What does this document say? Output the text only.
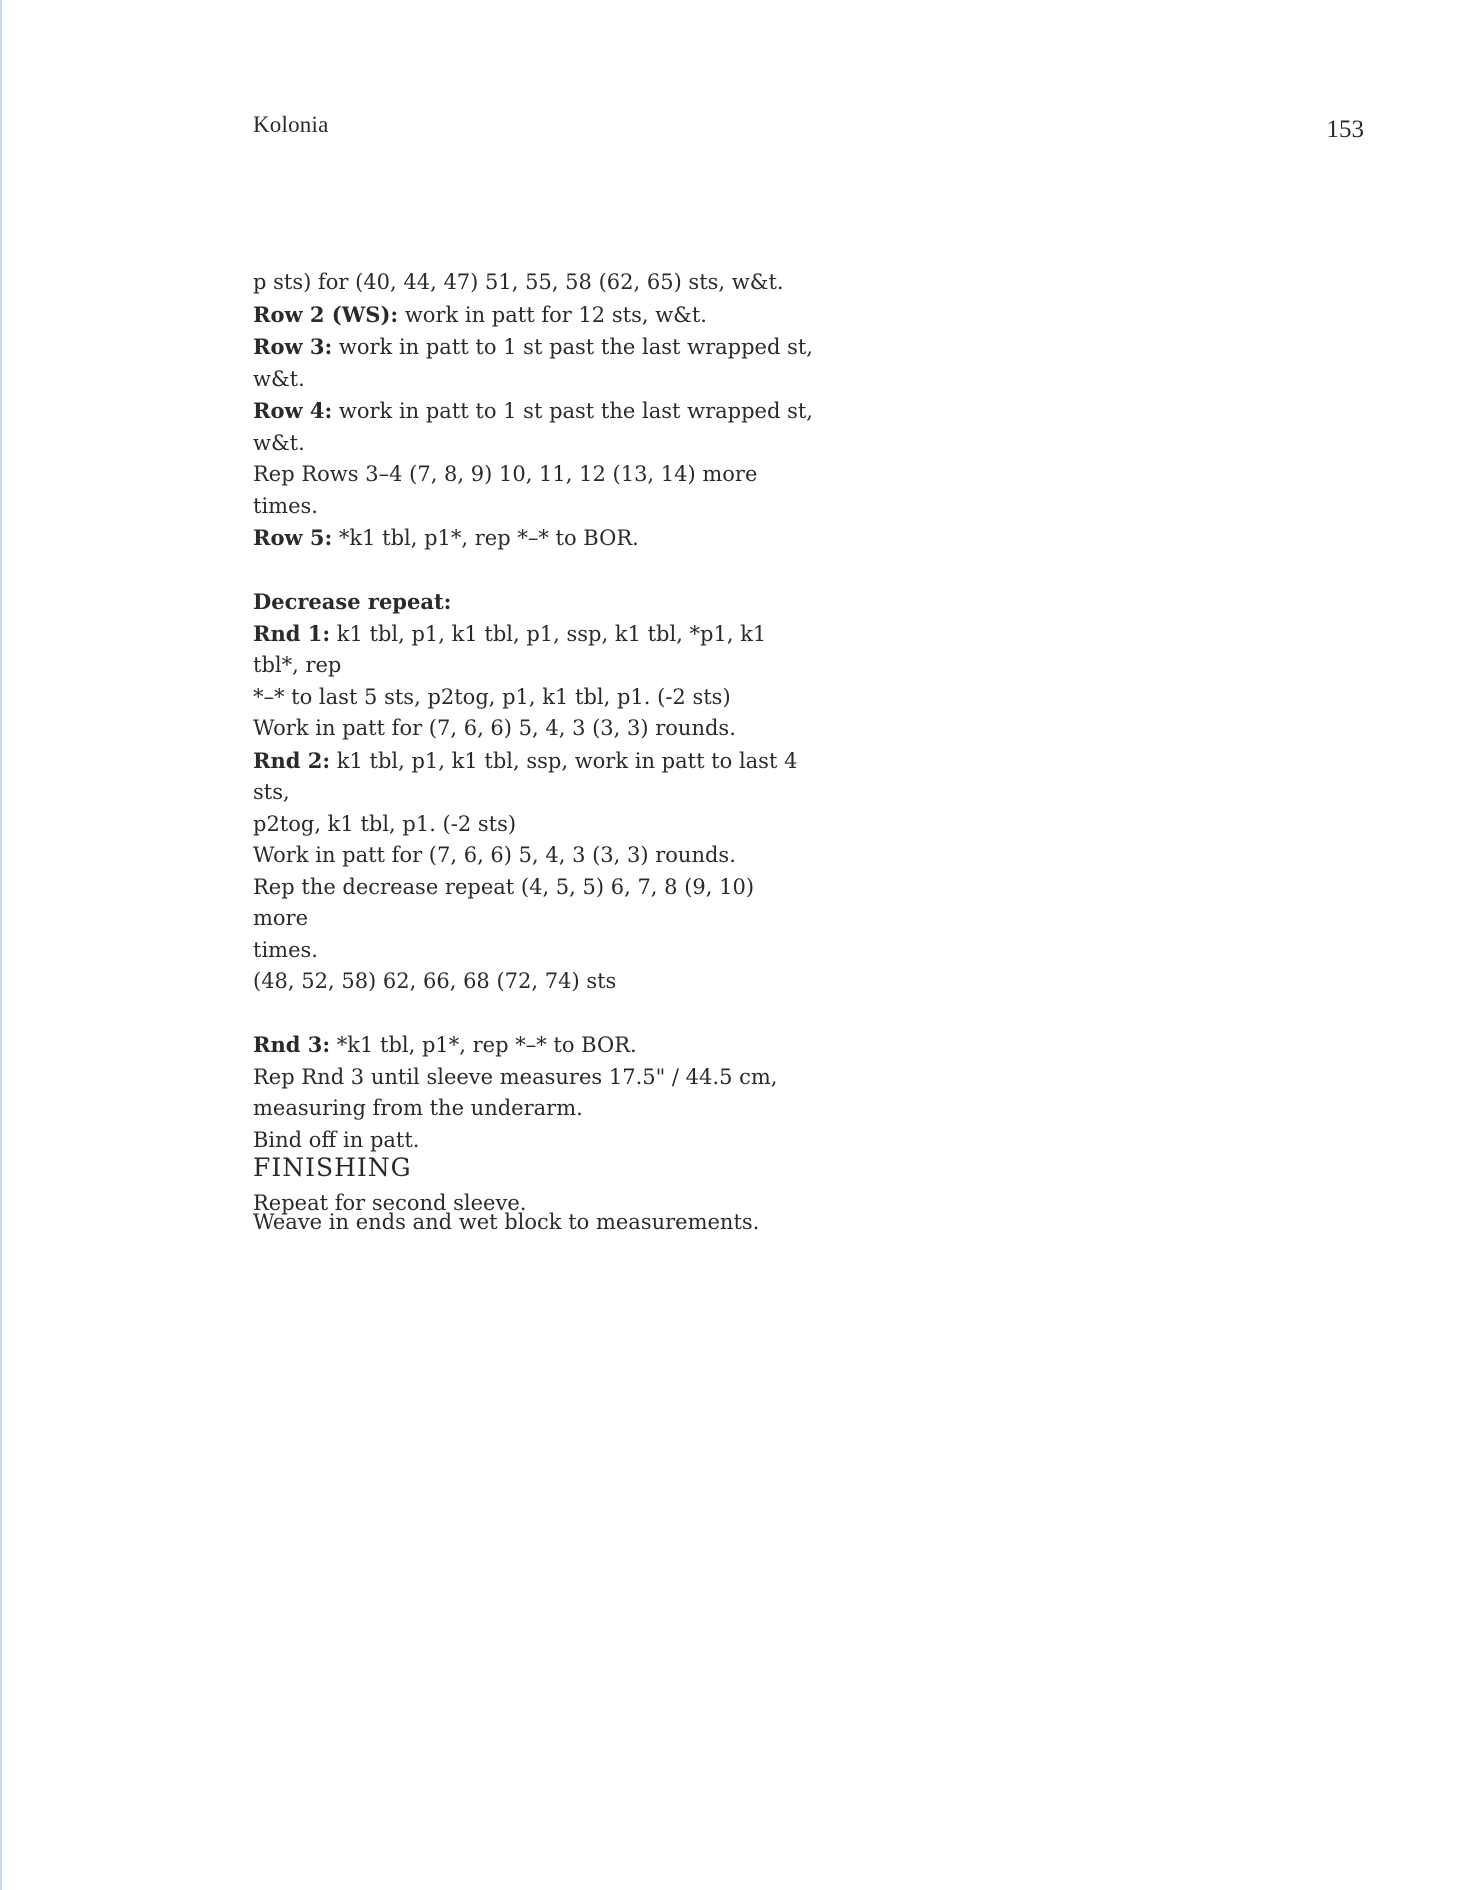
Kolonia	153

p sts) for (40, 44, 47) 51, 55, 58 (62, 65) sts, w&t.

Row 2 (WS): work in patt for 12 sts, w&t.

Row 3: work in patt to 1 st past the last wrapped st,

w&t.

Row 4: work in patt to 1 st past the last wrapped st,

w&t.

Rep Rows 3–4 (7, 8, 9) 10, 11, 12 (13, 14) more times.

Row 5: *k1 tbl, p1*, rep *–* to BOR.

Decrease repeat:

Rnd 1: k1 tbl, p1, k1 tbl, p1, ssp, k1 tbl, *p1, k1 tbl*, rep

*–* to last 5 sts, p2tog, p1, k1 tbl, p1. (-2 sts)

Work in patt for (7, 6, 6) 5, 4, 3 (3, 3) rounds.

Rnd 2: k1 tbl, p1, k1 tbl, ssp, work in patt to last 4 sts,

p2tog, k1 tbl, p1. (-2 sts)

Work in patt for (7, 6, 6) 5, 4, 3 (3, 3) rounds.

Rep the decrease repeat (4, 5, 5) 6, 7, 8 (9, 10) more

times.

(48, 52, 58) 62, 66, 68 (72, 74) sts

Rnd 3: *k1 tbl, p1*, rep *–* to BOR.

Rep Rnd 3 until sleeve measures 17.5" / 44.5 cm,

measuring from the underarm.

Bind off in patt.

Repeat for second sleeve.

FINISHING

Weave in ends and wet block to measurements.
